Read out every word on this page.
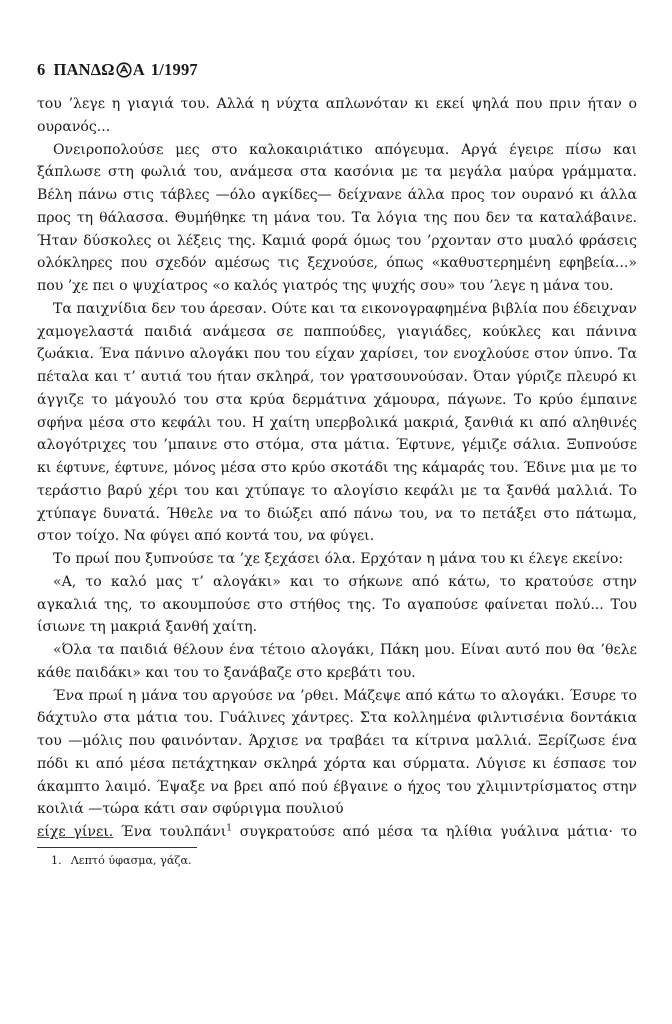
6 ΠΑΝΔΩ Α 1/1997

του ’λεγε η γιαγιά του. Αλλά η νύχτα απλωνόταν κι εκεί ψηλά που πριν ήταν ο ουρανός...

Ονειροπολούσε μες στο καλοκαιριάτικο απόγευμα. Αργά έγειρε πίσω και ξάπλωσε στη φωλιά του, ανάμεσα στα κασόνια με τα μεγάλα μαύρα γράμματα. Βέλη πάνω στις τάβλες —όλο αγκίδες— δείχνανε άλλα προς τον ουρανό κι άλλα προς τη θάλασσα. Θυμήθηκε τη μάνα του. Τα λόγια της που δεν τα καταλάβαινε. Ήταν δύσκολες οι λέξεις της. Καμιά φορά όμως του ’ρχονταν στο μυαλό φράσεις ολόκληρες που σχεδόν αμέσως τις ξεχνούσε, όπως «καθυστερημένη εφηβεία...» που ’χε πει ο ψυχίατρος «ο καλός γιατρός της ψυχής σου» του ’λεγε η μάνα του.

Τα παιχνίδια δεν του άρεσαν. Ούτε και τα εικονογραφημένα βιβλία που έδειχναν χαμογελαστά παιδιά ανάμεσα σε παππούδες, γιαγιάδες, κούκλες και πάνινα ζωάκια. Ένα πάνινο αλογάκι που του είχαν χαρίσει, τον ενοχλούσε στον ύπνο. Τα πέταλα και τ’ αυτιά του ήταν σκληρά, τον γρατσουνούσαν. Όταν γύριζε πλευρό κι άγγιζε το μάγουλό του στα κρύα δερμάτινα χάμουρα, πάγωνε. Το κρύο έμπαινε σφήνα μέσα στο κεφάλι του. Η χαίτη υπερβολικά μακριά, ξανθιά κι από αληθινές αλογότριχες του ’μπαινε στο στόμα, στα μάτια. Έφτυνε, γέμιζε σάλια. Ξυπνούσε κι έφτυνε, έφτυνε, μόνος μέσα στο κρύο σκοτάδι της κάμαράς του. Έδινε μια με το τεράστιο βαρύ χέρι του και χτύπαγε το αλογίσιο κεφάλι με τα ξανθά μαλλιά. Το χτύπαγε δυνατά. Ήθελε να το διώξει από πάνω του, να το πετάξει στο πάτωμα, στον τοίχο. Να φύγει από κοντά του, να φύγει.

Το πρωί που ξυπνούσε τα ’χε ξεχάσει όλα. Ερχόταν η μάνα του κι έλεγε εκείνο:

«Α, το καλό μας τ’ αλογάκι» και το σήκωνε από κάτω, το κρατούσε στην αγκαλιά της, το ακουμπούσε στο στήθος της. Το αγαπούσε φαίνεται πολύ... Του ίσιωνε τη μακριά ξανθή χαίτη.

«Όλα τα παιδιά θέλουν ένα τέτοιο αλογάκι, Πάκη μου. Είναι αυτό που θα ’θελε κάθε παιδάκι» και του το ξανάβαζε στο κρεβάτι του.

Ένα πρωί η μάνα του αργούσε να ’ρθει. Μάζεψε από κάτω το αλογάκι. Έσυρε το δάχτυλο στα μάτια του. Γυάλινες χάντρες. Στα κολλημένα φιλντισένια δοντάκια του —μόλις που φαινόνταν. Άρχισε να τραβάει τα κίτρινα μαλλιά. Ξερίζωσε ένα πόδι κι από μέσα πετάχτηκαν σκληρά χόρτα και σύρματα. Λύγισε κι έσπασε τον άκαμπτο λαιμό. Έψαξε να βρει από πού έβγαινε ο ήχος του χλιμιντρίσματος στην κοιλιά —τώρα κάτι σαν σφύριγμα πουλιού

είχε γίνει. Ένα τουλπάνι$^1$ συγκρατούσε από μέσα τα ηλίθια γυάλινα μάτια· το

1. Λεπτό ύφασμα, γάζα.
